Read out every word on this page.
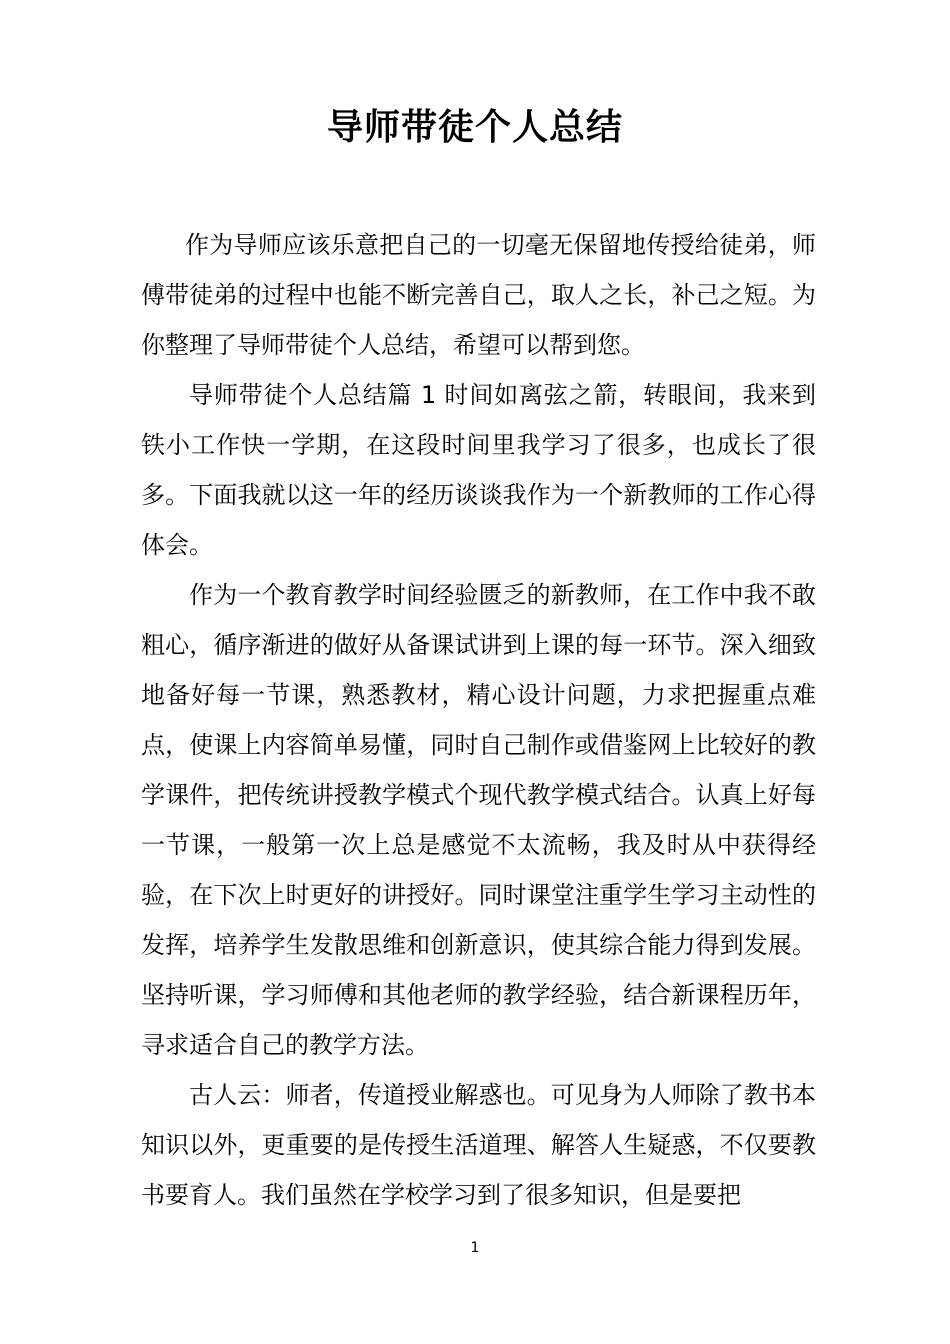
导师带徒个人总结

作为导师应该乐意把自己的一切毫无保留地传授给徒弟，师傅带徒弟的过程中也能不断完善自己，取人之长，补己之短。为你整理了导师带徒个人总结，希望可以帮到您。

导师带徒个人总结篇 1 时间如离弦之箭，转眼间，我来到铁小工作快一学期，在这段时间里我学习了很多，也成长了很多。下面我就以这一年的经历谈谈我作为一个新教师的工作心得体会。

作为一个教育教学时间经验匮乏的新教师，在工作中我不敢粗心，循序渐进的做好从备课试讲到上课的每一环节。深入细致地备好每一节课，熟悉教材，精心设计问题，力求把握重点难点，使课上内容简单易懂，同时自己制作或借鉴网上比较好的教学课件，把传统讲授教学模式个现代教学模式结合。认真上好每一节课，一般第一次上总是感觉不太流畅，我及时从中获得经验，在下次上时更好的讲授好。同时课堂注重学生学习主动性的发挥，培养学生发散思维和创新意识，使其综合能力得到发展。坚持听课，学习师傅和其他老师的教学经验，结合新课程历年，寻求适合自己的教学方法。

古人云：师者，传道授业解惑也。可见身为人师除了教书本知识以外，更重要的是传授生活道理、解答人生疑惑，不仅要教书要育人。我们虽然在学校学习到了很多知识，但是要把

1
